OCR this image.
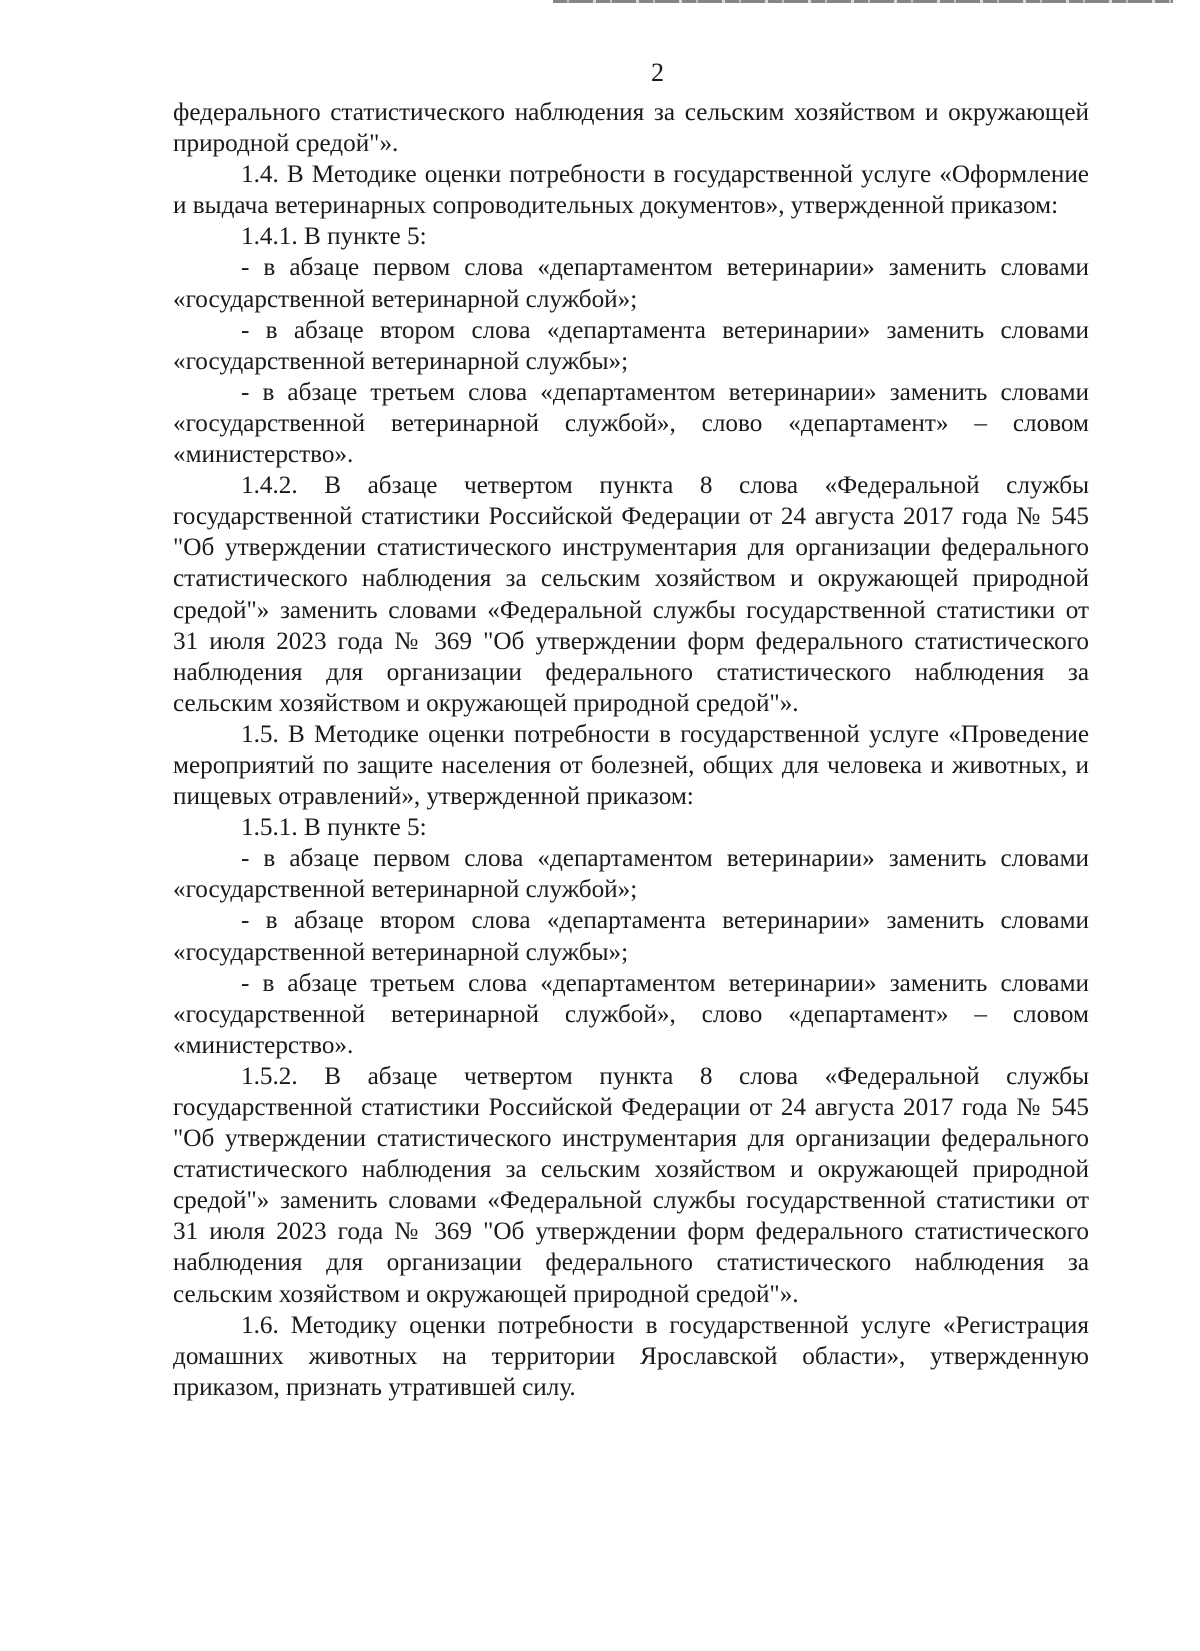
2

федерального статистического наблюдения за сельским хозяйством и окружающей природной средой"».

1.4. В Методике оценки потребности в государственной услуге «Оформление и выдача ветеринарных сопроводительных документов», утвержденной приказом:

1.4.1. В пункте 5:

- в абзаце первом слова «департаментом ветеринарии» заменить словами «государственной ветеринарной службой»;

- в абзаце втором слова «департамента ветеринарии» заменить словами «государственной ветеринарной службы»;

- в абзаце третьем слова «департаментом ветеринарии» заменить словами «государственной ветеринарной службой», слово «департамент» – словом «министерство».

1.4.2. В абзаце четвертом пункта 8 слова «Федеральной службы государственной статистики Российской Федерации от 24 августа 2017 года № 545 "Об утверждении статистического инструментария для организации федерального статистического наблюдения за сельским хозяйством и окружающей природной средой"» заменить словами «Федеральной службы государственной статистики от 31 июля 2023 года № 369 "Об утверждении форм федерального статистического наблюдения для организации федерального статистического наблюдения за сельским хозяйством и окружающей природной средой"».

1.5. В Методике оценки потребности в государственной услуге «Проведение мероприятий по защите населения от болезней, общих для человека и животных, и пищевых отравлений», утвержденной приказом:

1.5.1. В пункте 5:

- в абзаце первом слова «департаментом ветеринарии» заменить словами «государственной ветеринарной службой»;

- в абзаце втором слова «департамента ветеринарии» заменить словами «государственной ветеринарной службы»;

- в абзаце третьем слова «департаментом ветеринарии» заменить словами «государственной ветеринарной службой», слово «департамент» – словом «министерство».

1.5.2. В абзаце четвертом пункта 8 слова «Федеральной службы государственной статистики Российской Федерации от 24 августа 2017 года № 545 "Об утверждении статистического инструментария для организации федерального статистического наблюдения за сельским хозяйством и окружающей природной средой"» заменить словами «Федеральной службы государственной статистики от 31 июля 2023 года № 369 "Об утверждении форм федерального статистического наблюдения для организации федерального статистического наблюдения за сельским хозяйством и окружающей природной средой"».

1.6. Методику оценки потребности в государственной услуге «Регистрация домашних животных на территории Ярославской области», утвержденную приказом, признать утратившей силу.
